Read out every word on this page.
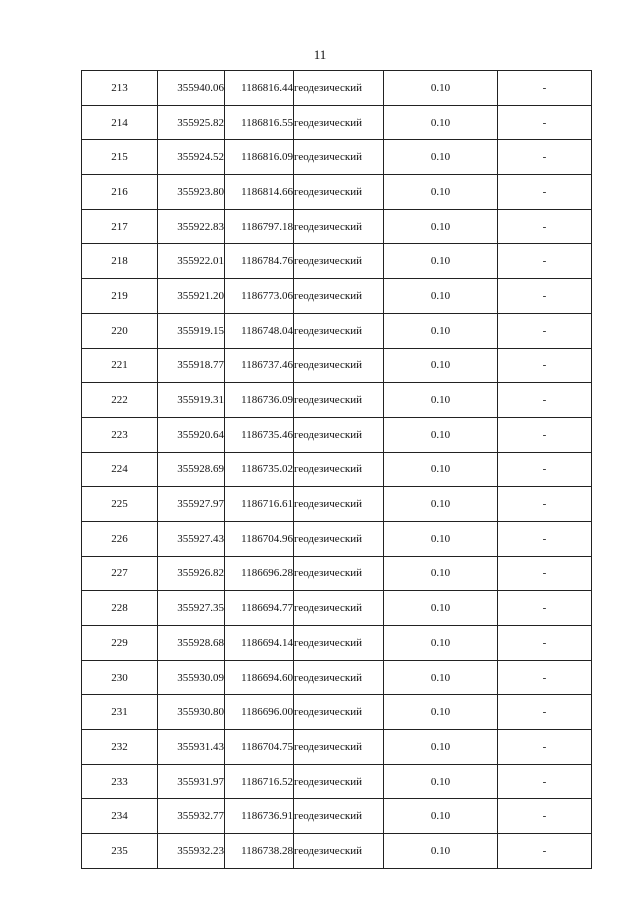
11
213	355940.06	1186816.44	геодезический	0.10	-
214	355925.82	1186816.55	геодезический	0.10	-
215	355924.52	1186816.09	геодезический	0.10	-
216	355923.80	1186814.66	геодезический	0.10	-
217	355922.83	1186797.18	геодезический	0.10	-
218	355922.01	1186784.76	геодезический	0.10	-
219	355921.20	1186773.06	геодезический	0.10	-
220	355919.15	1186748.04	геодезический	0.10	-
221	355918.77	1186737.46	геодезический	0.10	-
222	355919.31	1186736.09	геодезический	0.10	-
223	355920.64	1186735.46	геодезический	0.10	-
224	355928.69	1186735.02	геодезический	0.10	-
225	355927.97	1186716.61	геодезический	0.10	-
226	355927.43	1186704.96	геодезический	0.10	-
227	355926.82	1186696.28	геодезический	0.10	-
228	355927.35	1186694.77	геодезический	0.10	-
229	355928.68	1186694.14	геодезический	0.10	-
230	355930.09	1186694.60	геодезический	0.10	-
231	355930.80	1186696.00	геодезический	0.10	-
232	355931.43	1186704.75	геодезический	0.10	-
233	355931.97	1186716.52	геодезический	0.10	-
234	355932.77	1186736.91	геодезический	0.10	-
235	355932.23	1186738.28	геодезический	0.10	-
